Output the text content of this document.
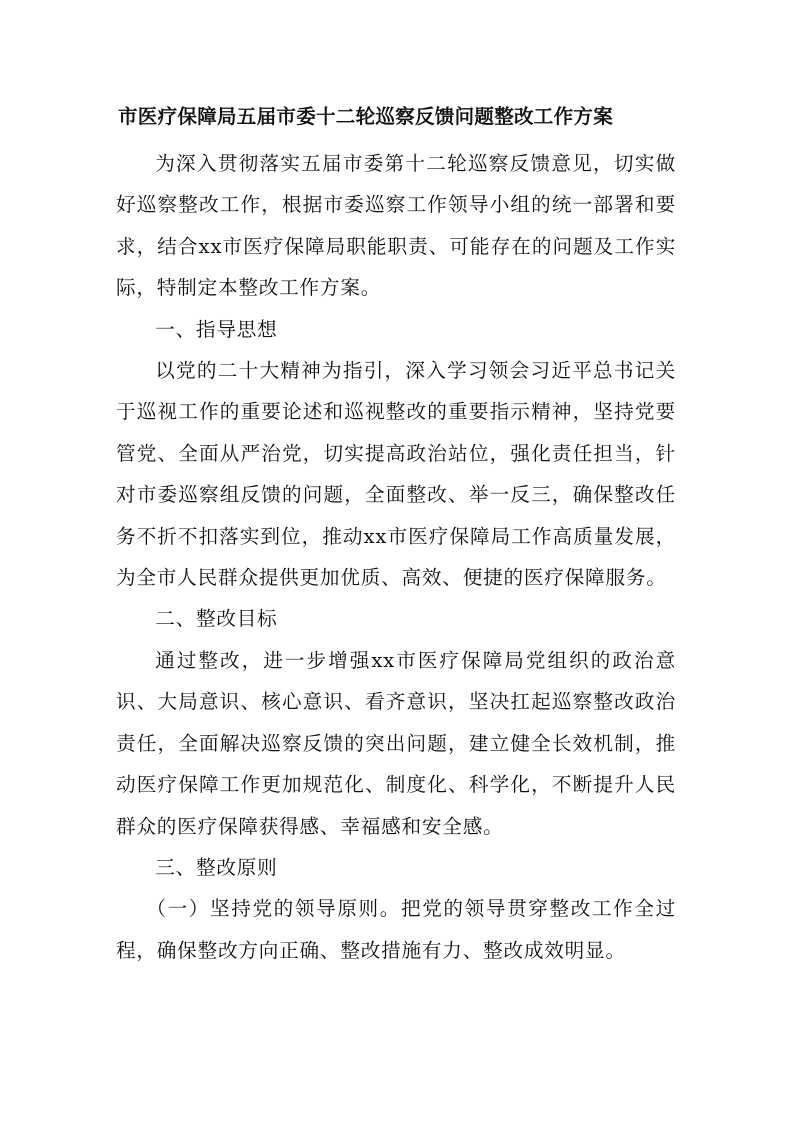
市医疗保障局五届市委十二轮巡察反馈问题整改工作方案

为深入贯彻落实五届市委第十二轮巡察反馈意见，切实做好巡察整改工作，根据市委巡察工作领导小组的统一部署和要求，结合xx市医疗保障局职能职责、可能存在的问题及工作实际，特制定本整改工作方案。

一、指导思想

以党的二十大精神为指引，深入学习领会习近平总书记关于巡视工作的重要论述和巡视整改的重要指示精神，坚持党要管党、全面从严治党，切实提高政治站位，强化责任担当，针对市委巡察组反馈的问题，全面整改、举一反三，确保整改任务不折不扣落实到位，推动xx市医疗保障局工作高质量发展，为全市人民群众提供更加优质、高效、便捷的医疗保障服务。

二、整改目标

通过整改，进一步增强xx市医疗保障局党组织的政治意识、大局意识、核心意识、看齐意识，坚决扛起巡察整改政治责任，全面解决巡察反馈的突出问题，建立健全长效机制，推动医疗保障工作更加规范化、制度化、科学化，不断提升人民群众的医疗保障获得感、幸福感和安全感。

三、整改原则

（一）坚持党的领导原则。把党的领导贯穿整改工作全过程，确保整改方向正确、整改措施有力、整改成效明显。
